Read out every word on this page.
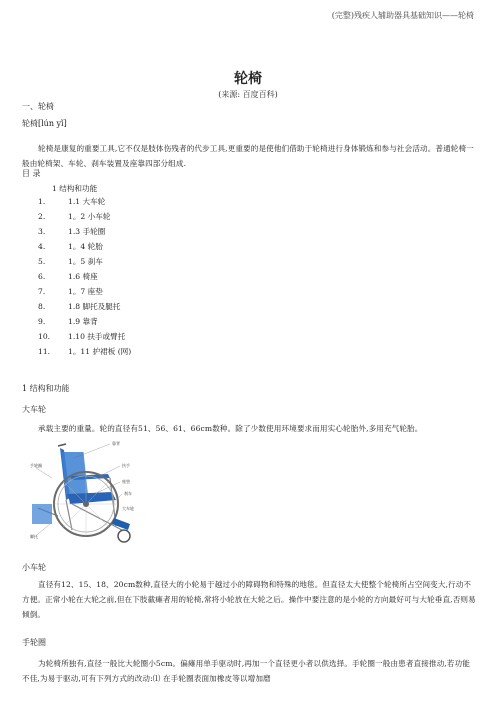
(完整)残疾人辅助器具基础知识——轮椅
轮椅
(来源: 百度百科)
一、轮椅
轮椅[lún yǐ]
轮椅是康复的重要工具,它不仅是肢体伤残者的代步工具,更重要的是使他们借助于轮椅进行身体锻炼和参与社会活动。普通轮椅一般由轮椅架、车轮、刹车装置及座靠四部分组成.
目 录
1 结构和功能
1.	1.1 大车轮
2.	1。2 小车轮
3.	1.3 手轮圈
4.	1。4 轮胎
5.	1。5 刹车
6.	1.6 椅座
7.	1。7 座垫
8.	1.8 脚托及腿托
9.	1.9 靠背
10. 1.10 扶手或臂托
11. 1。11 护裙板 (网)
1 结构和功能
大车轮
承载主要的重量。轮的直径有51、56、61、66cm数种。除了少数使用环境要求而用实心轮胎外,多用充气轮胎。
靠背
扶手
座垫
刹车
手轮圈
大车轮
脚托
小车轮
直径有12、15、18、20cm数种,直径大的小轮易于越过小的障碍物和特殊的地毯。但直径太大使整个轮椅所占空间变大,行动不方便。正常小轮在大轮之前,但在下肢截瘫者用的轮椅,常将小轮放在大轮之后。操作中要注意的是小轮的方向最好可与大轮垂直,否则易倾倒。
手轮圈
为轮椅所独有,直径一般比大轮圈小5cm。偏瘫用单手驱动时,再加一个直径更小者以供选择。手轮圈一般由患者直接推动,若功能不佳,为易于驱动,可有下列方式的改动:⑴ 在手轮圈表面加橡皮等以增加磨
